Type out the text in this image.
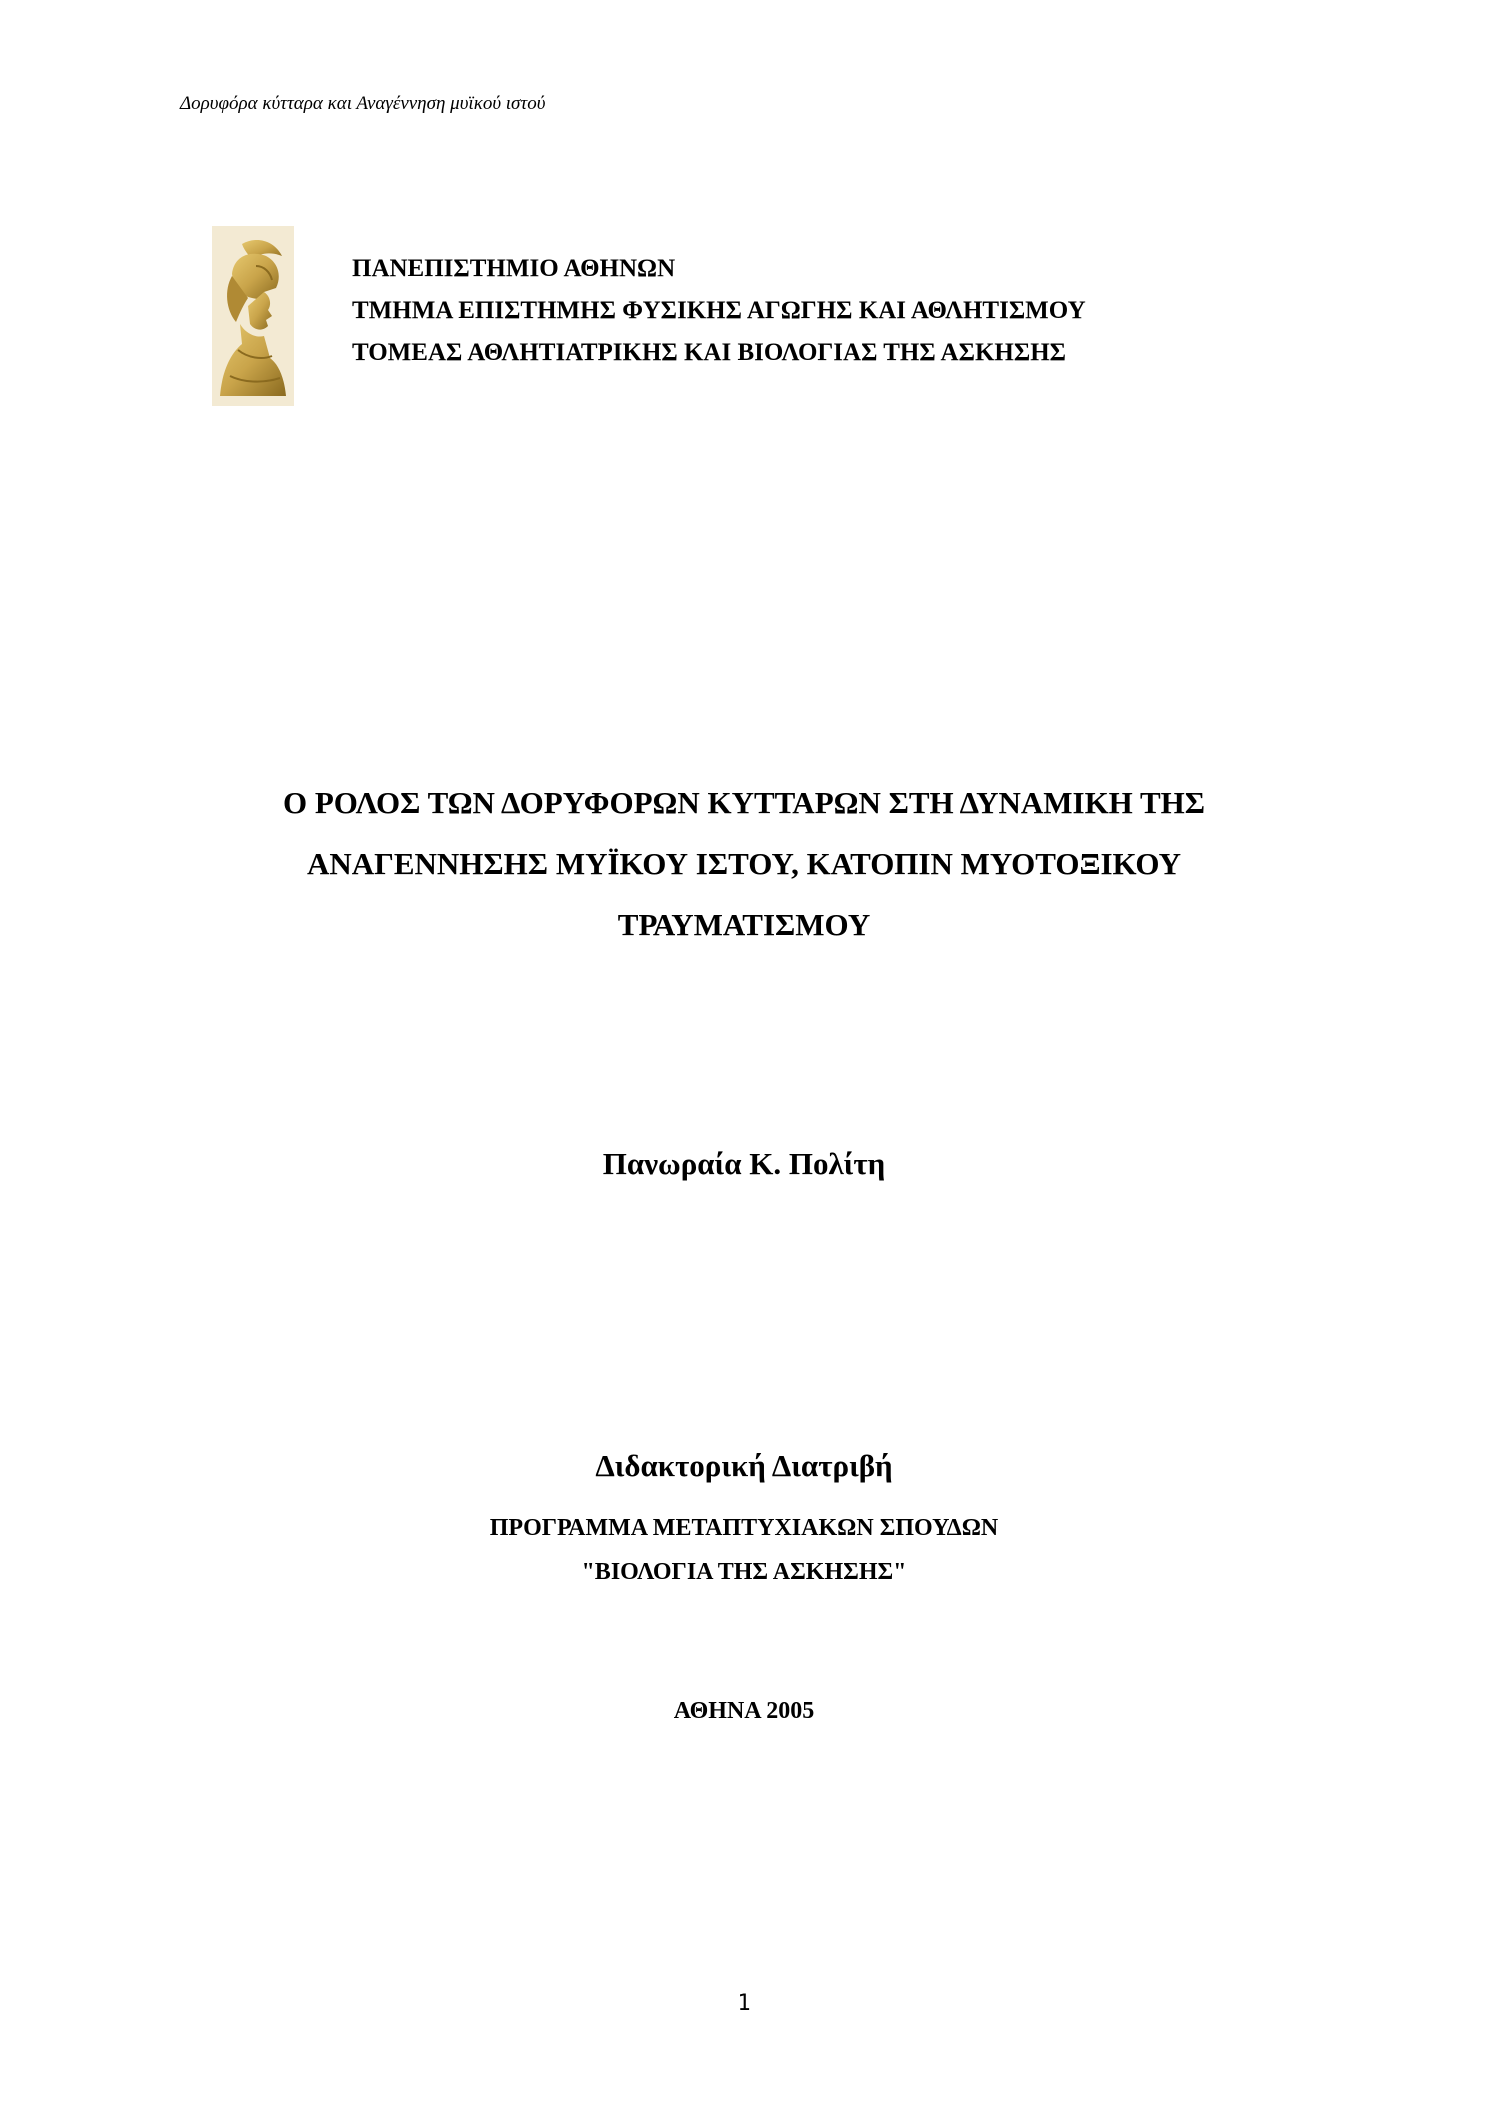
Δορυφόρα κύτταρα και Αναγέννηση μυϊκού ιστού
ΠΑΝΕΠΙΣΤΗΜΙΟ ΑΘΗΝΩΝ
ΤΜΗΜΑ ΕΠΙΣΤΗΜΗΣ ΦΥΣΙΚΗΣ ΑΓΩΓΗΣ ΚΑΙ ΑΘΛΗΤΙΣΜΟΥ
ΤΟΜΕΑΣ ΑΘΛΗΤΙΑΤΡΙΚΗΣ ΚΑΙ ΒΙΟΛΟΓΙΑΣ ΤΗΣ ΑΣΚΗΣΗΣ
Ο ΡΟΛΟΣ ΤΩΝ ΔΟΡΥΦΟΡΩΝ ΚΥΤΤΑΡΩΝ ΣΤΗ ΔΥΝΑΜΙΚΗ ΤΗΣ
ΑΝΑΓΕΝΝΗΣΗΣ ΜΥΪΚΟΥ ΙΣΤΟΥ, ΚΑΤΟΠΙΝ ΜΥΟΤΟΞΙΚΟΥ
ΤΡΑΥΜΑΤΙΣΜΟΥ
Πανωραία Κ. Πολίτη
Διδακτορική Διατριβή
ΠΡΟΓΡΑΜΜΑ ΜΕΤΑΠΤΥΧΙΑΚΩΝ ΣΠΟΥΔΩΝ
"ΒΙΟΛΟΓΙΑ ΤΗΣ ΑΣΚΗΣΗΣ"
ΑΘΗΝΑ 2005
1
